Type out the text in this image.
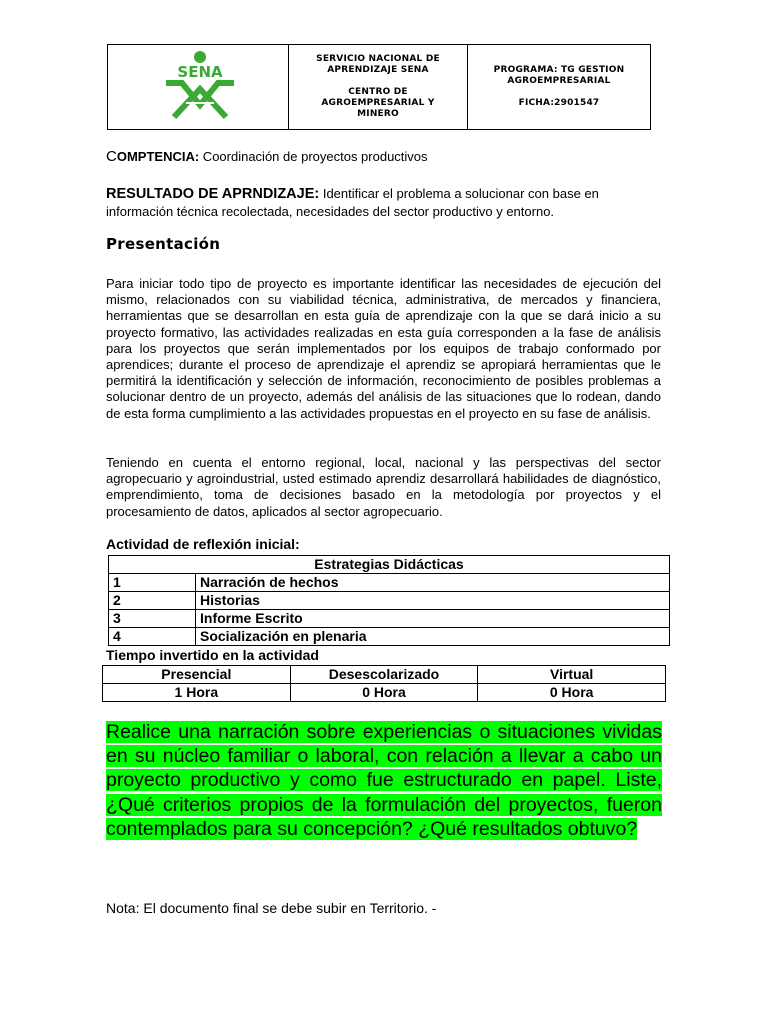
SENA

SERVICIO NACIONAL DE
APRENDIZAJE SENA
CENTRO DE
AGROEMPRESARIAL Y
MINERO

PROGRAMA: TG GESTION
AGROEMPRESARIAL
FICHA:2901547
COMPTENCIA: Coordinación de proyectos productivos
RESULTADO DE APRNDIZAJE: Identificar el problema a solucionar con base en información técnica recolectada, necesidades del sector productivo y entorno.
Presentación
Para iniciar todo tipo de proyecto es importante identificar las necesidades de ejecución del mismo, relacionados con su viabilidad técnica, administrativa, de mercados y financiera, herramientas que se desarrollan en esta guía de aprendizaje con la que se dará inicio a su proyecto formativo, las actividades realizadas en esta guía corresponden a la fase de análisis para los proyectos que serán implementados por los equipos de trabajo conformado por aprendices; durante el proceso de aprendizaje el aprendiz se apropiará herramientas que le permitirá la identificación y selección de información, reconocimiento de posibles problemas a solucionar dentro de un proyecto, además del análisis de las situaciones que lo rodean, dando de esta forma cumplimiento a las actividades propuestas en el proyecto en su fase de análisis.
Teniendo en cuenta el entorno regional, local, nacional y las perspectivas del sector agropecuario y agroindustrial, usted estimado aprendiz desarrollará habilidades de diagnóstico, emprendimiento, toma de decisiones basado en la metodología por proyectos y el procesamiento de datos, aplicados al sector agropecuario.
Actividad de reflexión inicial:
Estrategias Didácticas	
1	Narración de hechos
2	Historias
3	Informe Escrito
4	Socialización en plenaria
Tiempo invertido en la actividad
Presencial	Desescolarizado	Virtual
1 Hora	0 Hora	0 Hora
Realice una narración sobre experiencias o situaciones vividas en su núcleo familiar o laboral, con relación a llevar a cabo un proyecto productivo y como fue estructurado en papel. Liste, ¿Qué criterios propios de la formulación del proyectos, fueron contemplados para su concepción? ¿Qué resultados obtuvo?
Nota: El documento final se debe subir en Territorio. -
